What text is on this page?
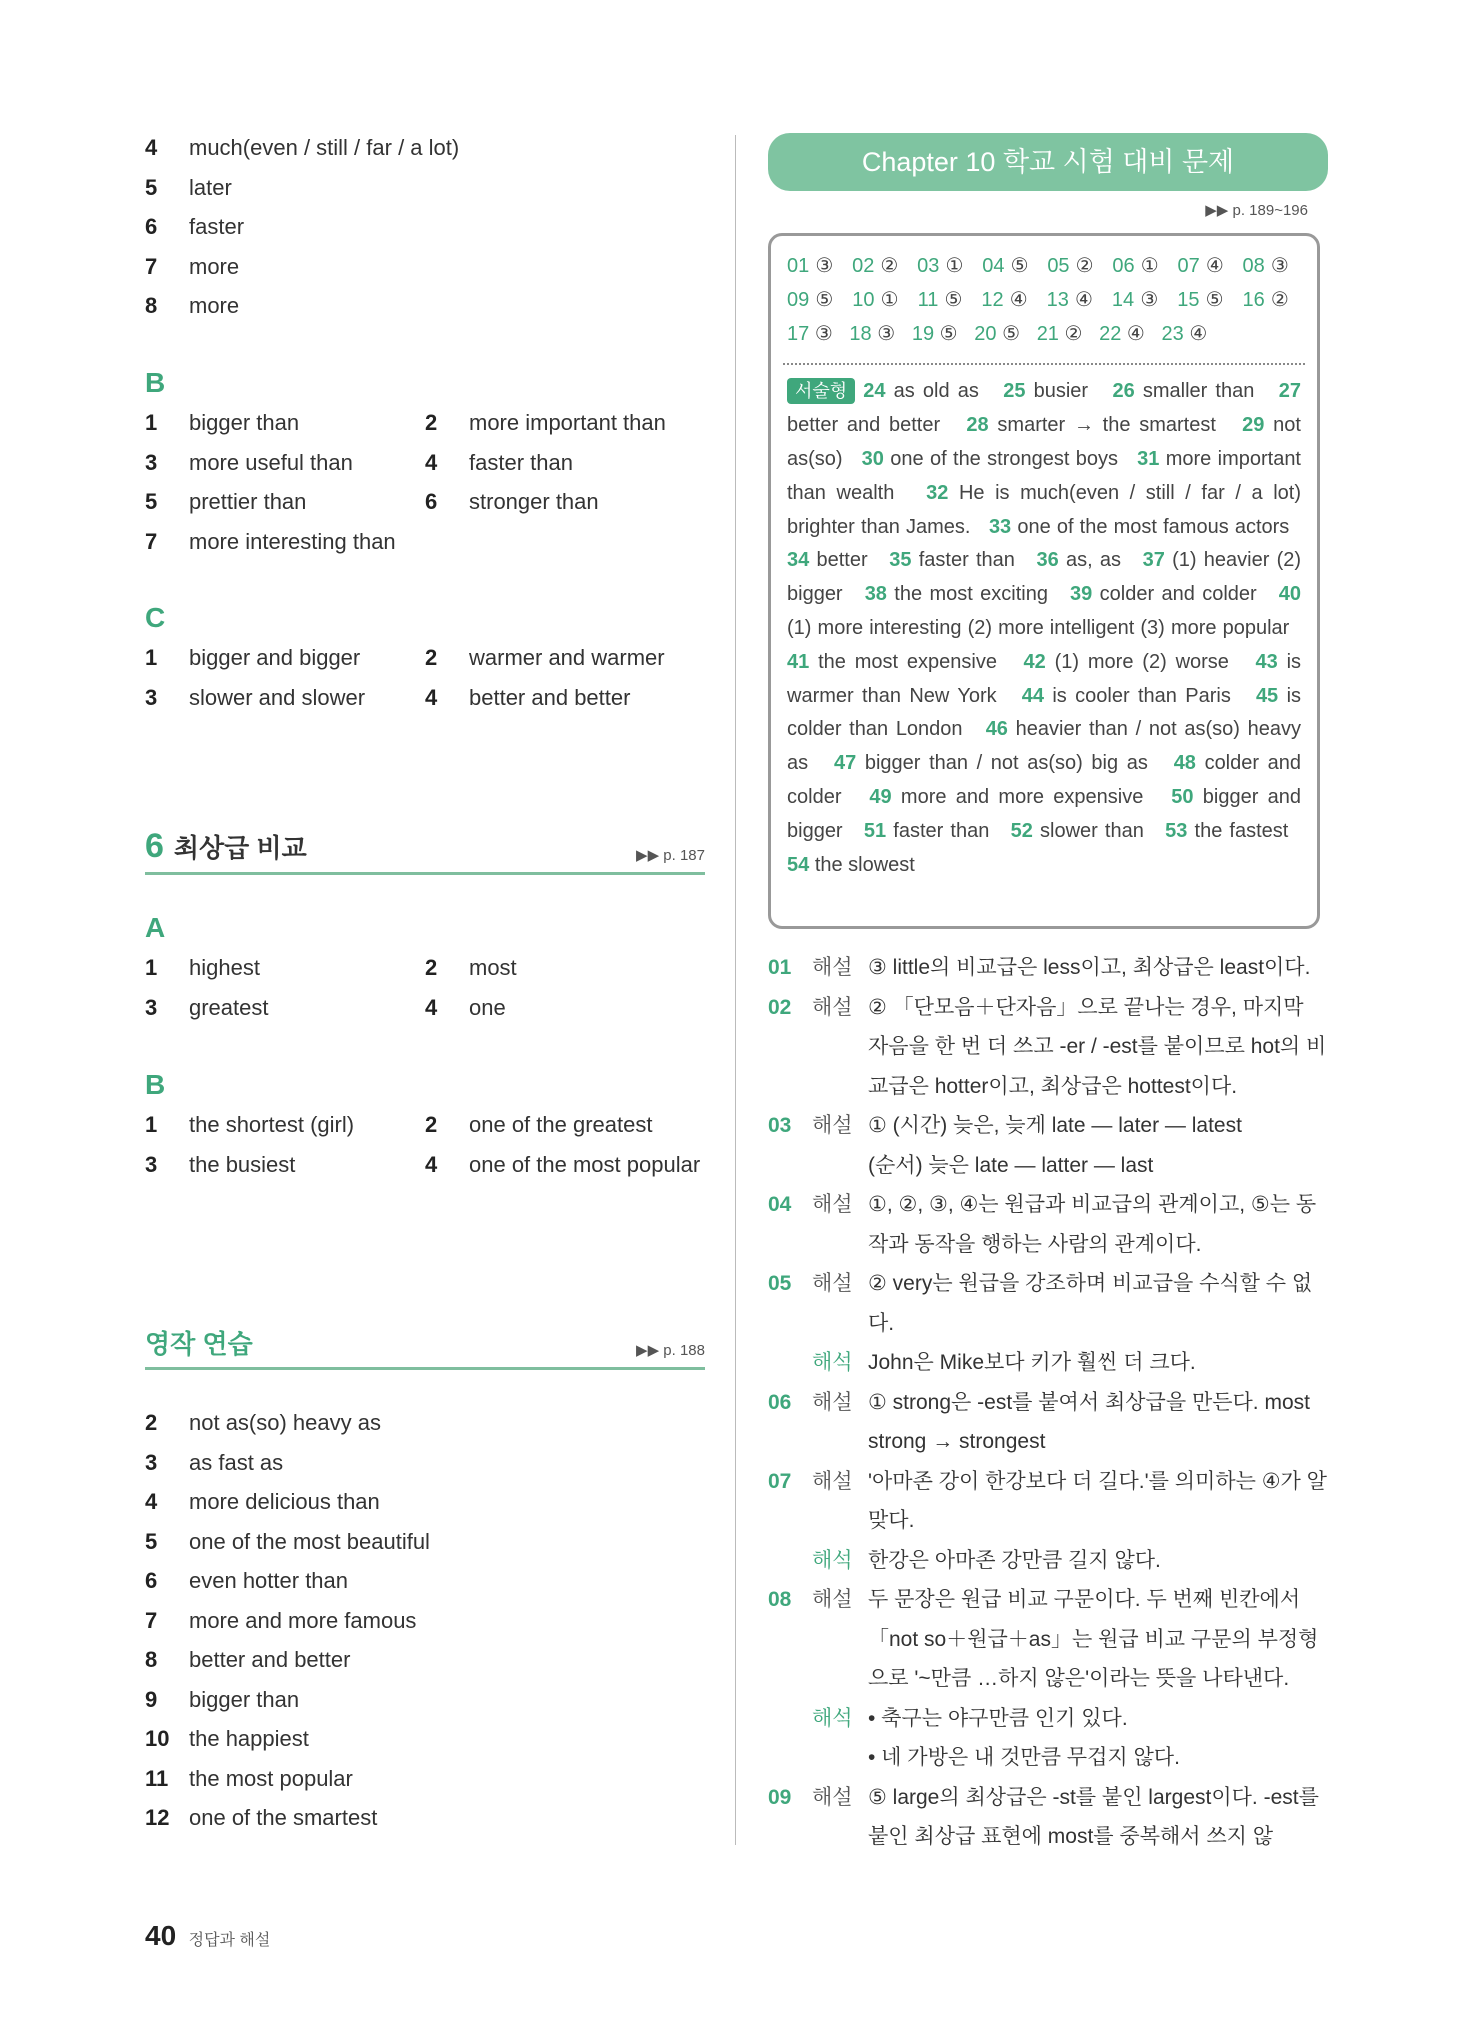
4 much(even / still / far / a lot)
5 later
6 faster
7 more
8 more
B
1 bigger than	2 more important than
3 more useful than	4 faster than
5 prettier than	6 stronger than
7 more interesting than
C
1 bigger and bigger	2 warmer and warmer
3 slower and slower	4 better and better
6 최상급 비교	▶▶ p. 187
A
1 highest	2 most
3 greatest	4 one
B
1 the shortest (girl)	2 one of the greatest
3 the busiest	4 one of the most popular
영작 연습	▶▶ p. 188
2 not as(so) heavy as
3 as fast as
4 more delicious than
5 one of the most beautiful
6 even hotter than
7 more and more famous
8 better and better
9 bigger than
10 the happiest
11 the most popular
12 one of the smartest
Chapter 10 학교 시험 대비 문제
▶▶ p. 189~196

01 ③ 02 ② 03 ① 04 ⑤ 05 ② 06 ① 07 ④ 08 ③   09 ⑤ 10 ① 11 ⑤ 12 ④ 13 ④ 14 ③ 15 ⑤ 16 ②   17 ③ 18 ③ 19 ⑤ 20 ⑤ 21 ② 22 ④ 23 ④

서술형 24 as old as 25 busier 26 smaller than 27 better and better 28 smarter → the smartest 29 not as(so) 30 one of the strongest boys 31 more important than wealth 32 He is much(even / still / far / a lot) brighter than James. 33 one of the most famous actors   34 better 35 faster than 36 as, as 37 (1) heavier (2) bigger 38 the most exciting 39 colder and colder 40 (1) more interesting (2) more intelligent (3) more popular   41 the most expensive 42 (1) more (2) worse 43 is warmer than New York 44 is cooler than Paris 45 is colder than London 46 heavier than / not as(so) heavy as 47 bigger than / not as(so) big as 48 colder and colder 49 more and more expensive 50 bigger and bigger 51 faster than 52 slower than 53 the fastest   54 the slowest

01 해설 ③ little의 비교급은 less이고, 최상급은 least이다.
02 해설 ② 「단모음＋단자음」으로 끝나는 경우, 마지막 자음을 한 번 더 쓰고 -er / -est를 붙이므로 hot의 비교급은 hotter이고, 최상급은 hottest이다.
03 해설 ① (시간) 늦은, 늦게 late — later — latest
(순서) 늦은 late — latter — last
04 해설 ①, ②, ③, ④는 원급과 비교급의 관계이고, ⑤는 동작과 동작을 행하는 사람의 관계이다.
05 해설 ② very는 원급을 강조하며 비교급을 수식할 수 없다.
해석 John은 Mike보다 키가 훨씬 더 크다.
06 해설 ① strong은 -est를 붙여서 최상급을 만든다. most strong → strongest
07 해설 '아마존 강이 한강보다 더 길다.'를 의미하는 ④가 알맞다.
해석 한강은 아마존 강만큼 길지 않다.
08 해설 두 문장은 원급 비교 구문이다. 두 번째 빈칸에서 「not so＋원급＋as」는 원급 비교 구문의 부정형으로 '~만큼 …하지 않은'이라는 뜻을 나타낸다.
해석 • 축구는 야구만큼 인기 있다.
• 네 가방은 내 것만큼 무겁지 않다.
09 해설 ⑤ large의 최상급은 -st를 붙인 largest이다. -est를 붙인 최상급 표현에 most를 중복해서 쓰지 않
40 정답과 해설
